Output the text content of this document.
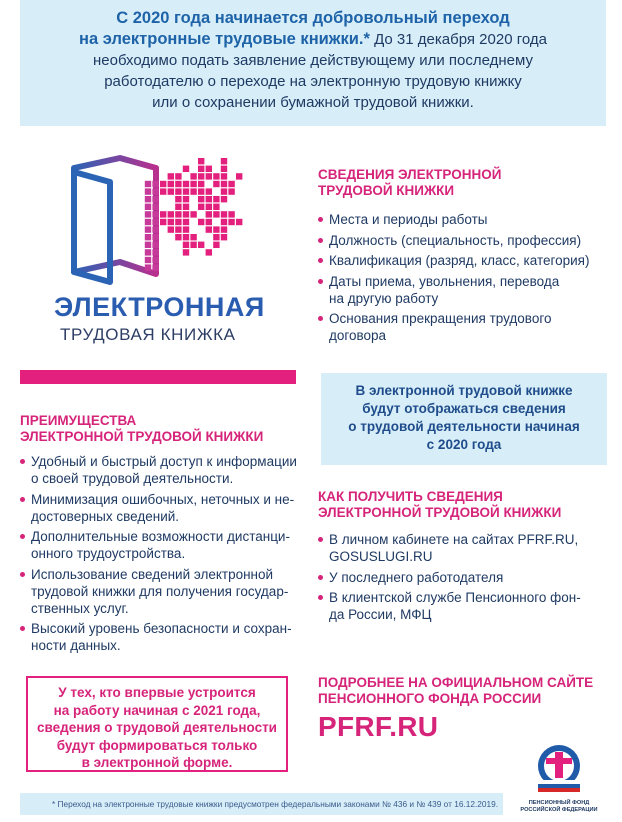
С 2020 года начинается добровольный переход
на электронные трудовые книжки.* До 31 декабря 2020 года
необходимо подать заявление действующему или последнему
работодателю о переходе на электронную трудовую книжку
или о сохранении бумажной трудовой книжки.
ЭЛЕКТРОННАЯ
ТРУДОВАЯ КНИЖКА
СВЕДЕНИЯ ЭЛЕКТРОННОЙ
ТРУДОВОЙ КНИЖКИ
Места и периоды работы
Должность (специальность, профессия)
Квалификация (разряд, класс, категория)
Даты приема, увольнения, перевода
на другую работу
Основания прекращения трудового
договора
ПРЕИМУЩЕСТВА
ЭЛЕКТРОННОЙ ТРУДОВОЙ КНИЖКИ
Удобный и быстрый доступ к информации
о своей трудовой деятельности.
Минимизация ошибочных, неточных и не-
достоверных сведений.
Дополнительные возможности дистанци-
онного трудоустройства.
Использование сведений электронной
трудовой книжки для получения государ-
ственных услуг.
Высокий уровень безопасности и сохран-
ности данных.
В электронной трудовой книжке
будут отображаться сведения
о трудовой деятельности начиная
с 2020 года
КАК ПОЛУЧИТЬ СВЕДЕНИЯ
ЭЛЕКТРОННОЙ ТРУДОВОЙ КНИЖКИ
В личном кабинете на сайтах PFRF.RU,
GOSUSLUGI.RU
У последнего работодателя
В клиентской службе Пенсионного фон-
да России, МФЦ
У тех, кто впервые устроится
на работу начиная с 2021 года,
сведения о трудовой деятельности
будут формироваться только
в электронной форме.
ПОДРОБНЕЕ НА ОФИЦИАЛЬНОМ САЙТЕ
ПЕНСИОННОГО ФОНДА РОССИИ
PFRF.RU
ПЕНСИОННЫЙ ФОНД
РОССИЙСКОЙ ФЕДЕРАЦИИ
* Переход на электронные трудовые книжки предусмотрен федеральными законами № 436 и № 439 от 16.12.2019.
